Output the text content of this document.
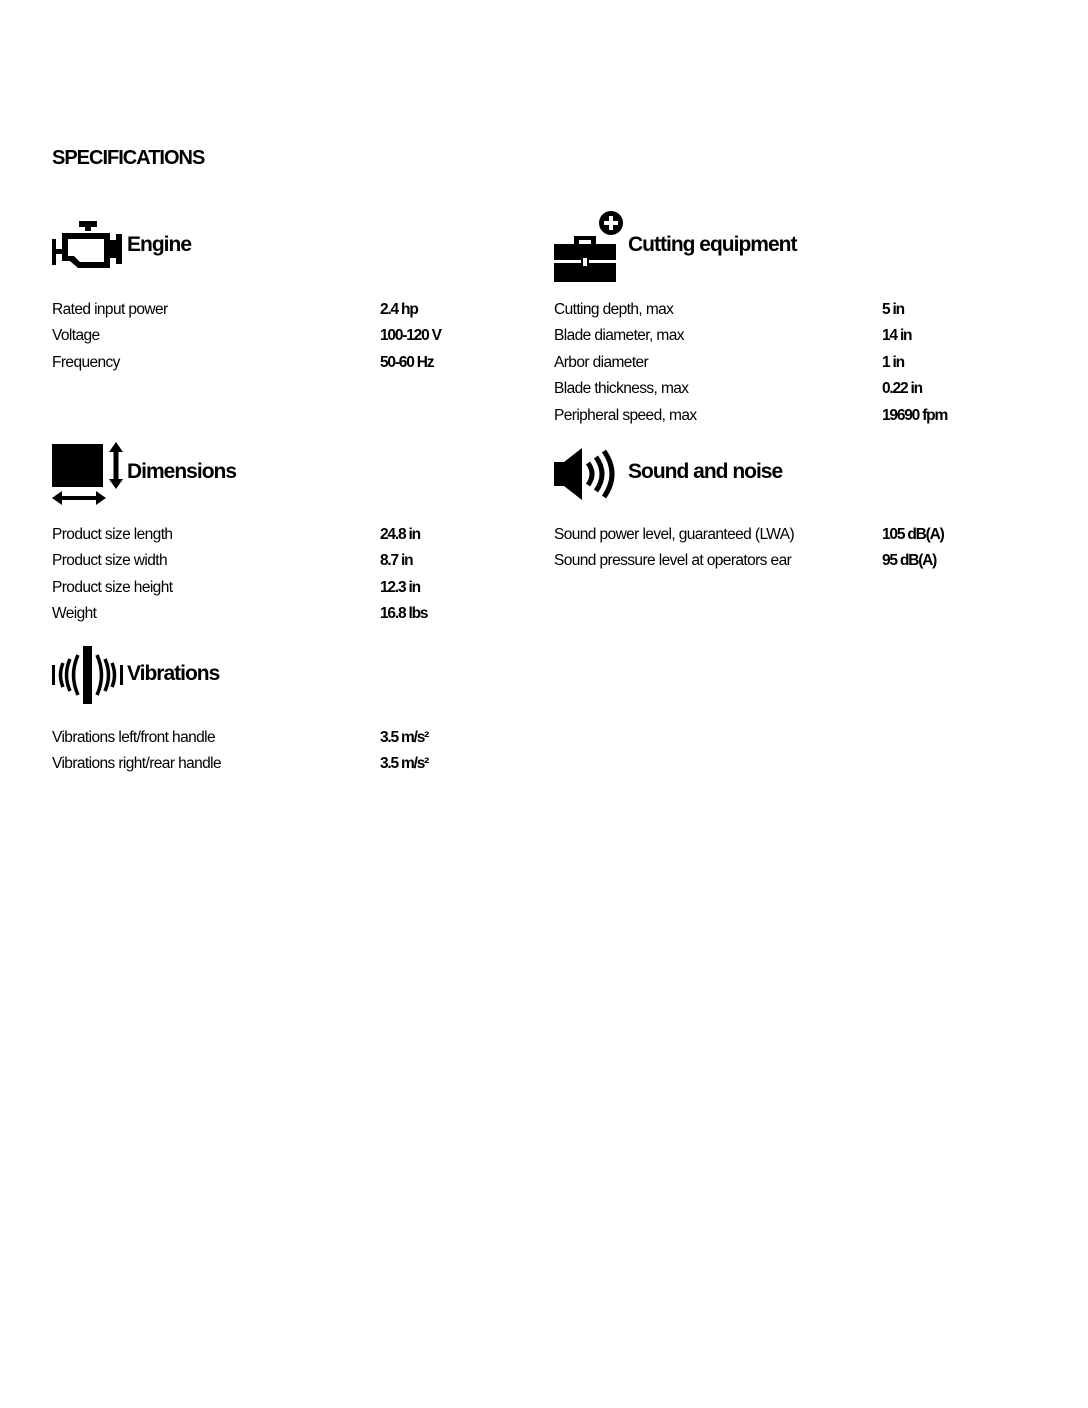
SPECIFICATIONS
Engine
Rated input power	2.4 hp
Voltage	100-120 V
Frequency	50-60 Hz
Cutting equipment
Cutting depth, max	5 in
Blade diameter, max	14 in
Arbor diameter	1 in
Blade thickness, max	0.22 in
Peripheral speed, max	19690 fpm
Dimensions
Product size length	24.8 in
Product size width	8.7 in
Product size height	12.3 in
Weight	16.8 lbs
Sound and noise
Sound power level, guaranteed (LWA)	105 dB(A)
Sound pressure level at operators ear	95 dB(A)
Vibrations
Vibrations left/front handle	3.5 m/s²
Vibrations right/rear handle	3.5 m/s²
